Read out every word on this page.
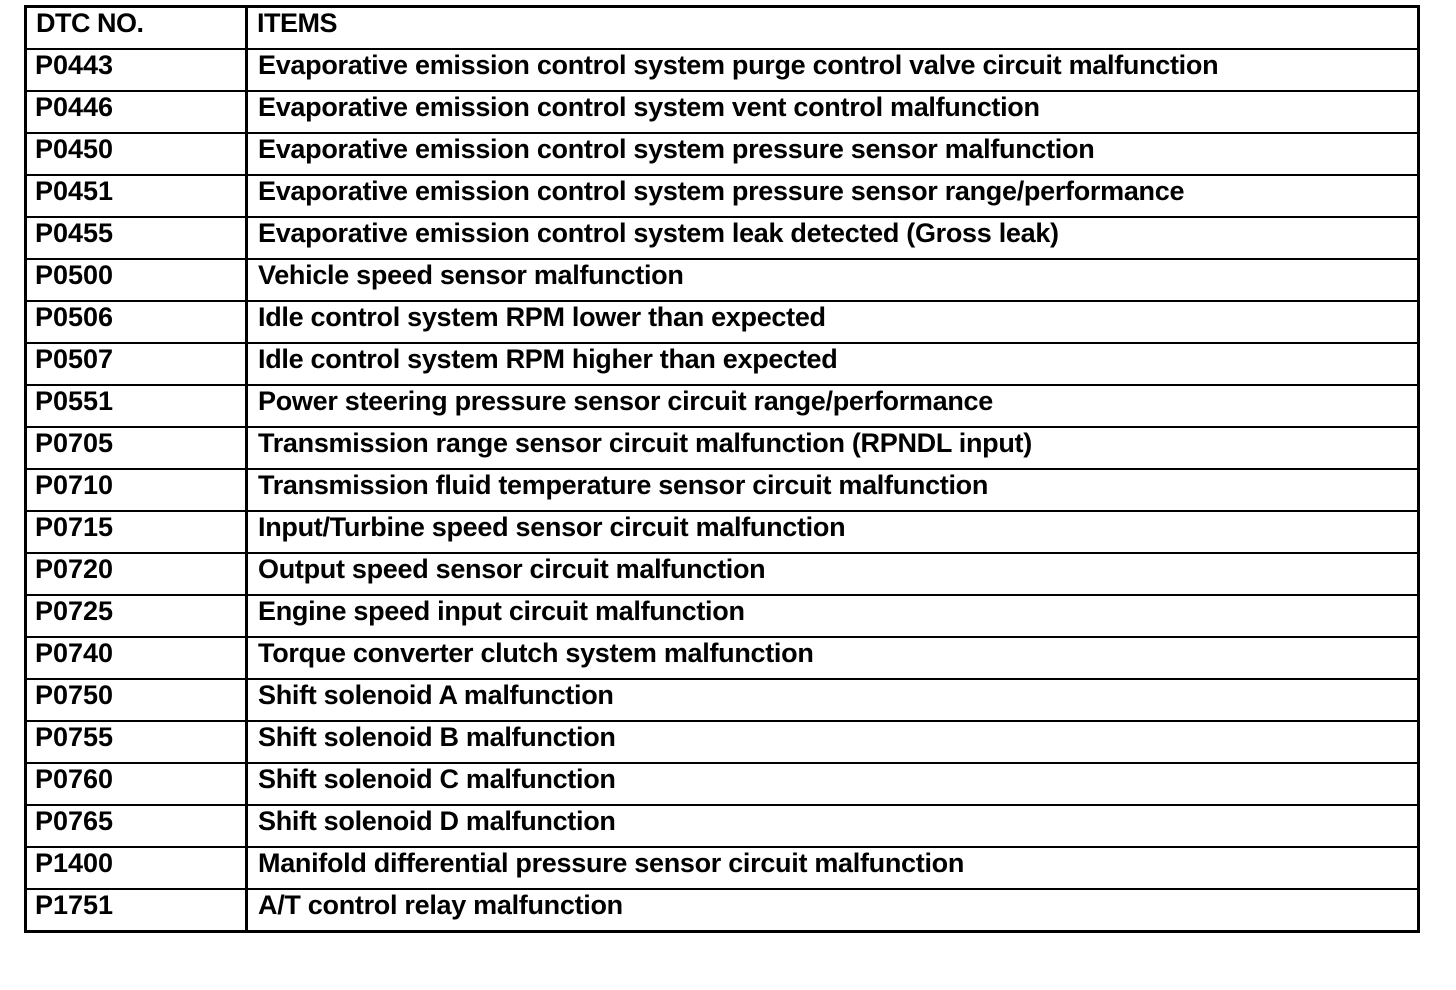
DTC NO.	ITEMS
P0443	Evaporative emission control system purge control valve circuit malfunction
P0446	Evaporative emission control system vent control malfunction
P0450	Evaporative emission control system pressure sensor malfunction
P0451	Evaporative emission control system pressure sensor range/performance
P0455	Evaporative emission control system leak detected (Gross leak)
P0500	Vehicle speed sensor malfunction
P0506	Idle control system RPM lower than expected
P0507	Idle control system RPM higher than expected
P0551	Power steering pressure sensor circuit range/performance
P0705	Transmission range sensor circuit malfunction (RPNDL input)
P0710	Transmission fluid temperature sensor circuit malfunction
P0715	Input/Turbine speed sensor circuit malfunction
P0720	Output speed sensor circuit malfunction
P0725	Engine speed input circuit malfunction
P0740	Torque converter clutch system malfunction
P0750	Shift solenoid A malfunction
P0755	Shift solenoid B malfunction
P0760	Shift solenoid C malfunction
P0765	Shift solenoid D malfunction
P1400	Manifold differential pressure sensor circuit malfunction
P1751	A/T control relay malfunction
